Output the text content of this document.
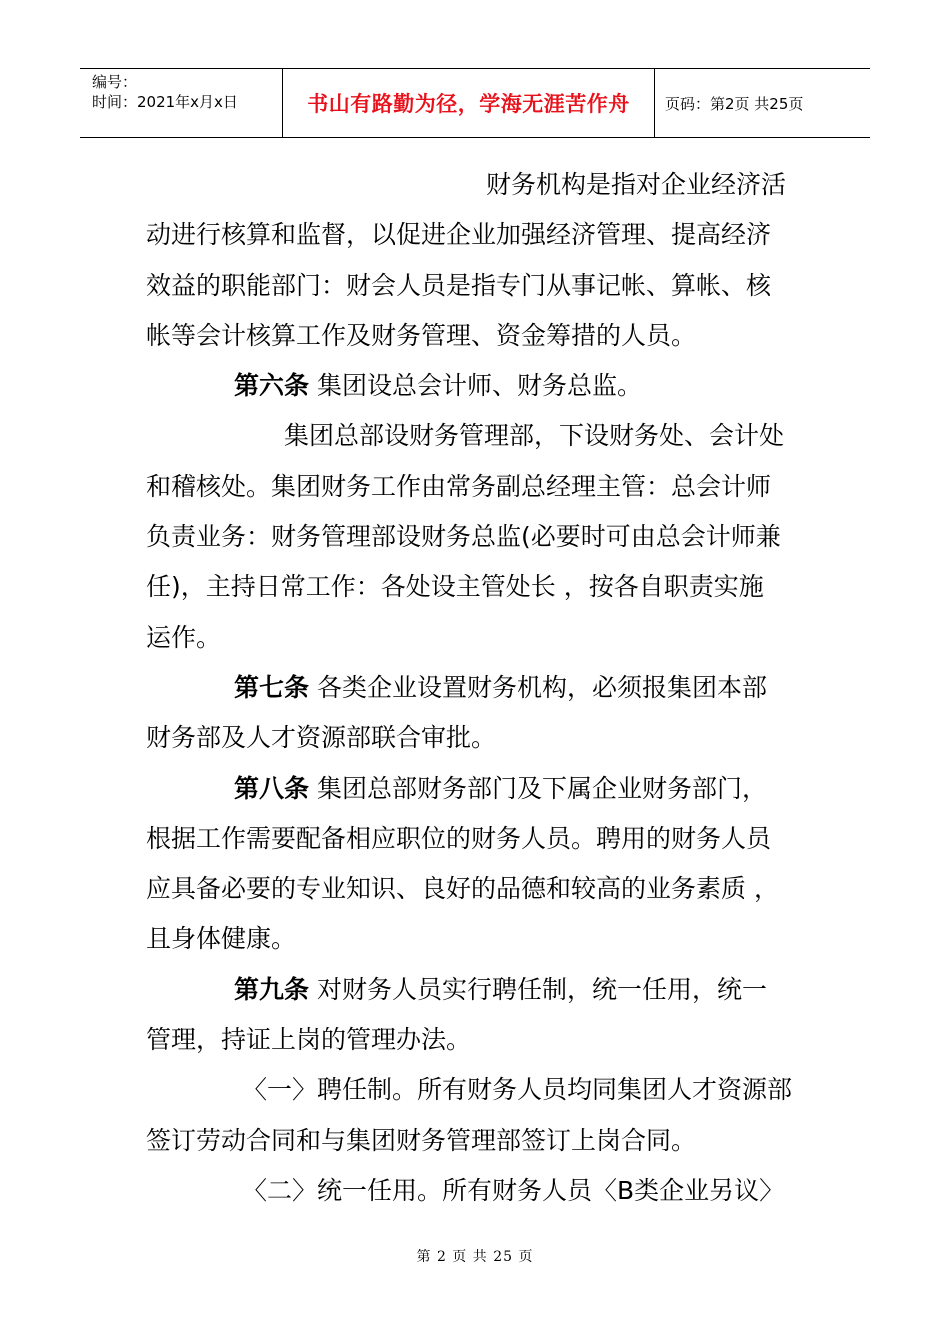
编号：
时间：2021年x月x日	书山有路勤为径，学海无涯苦作舟 页码：第2页 共25页

财务机构是指对企业经济活

动进行核算和监督，以促进企业加强经济管理、提高经济

效益的职能部门：财会人员是指专门从事记帐、算帐、核

帐等会计核算工作及财务管理、资金筹措的人员。

第六条 集团设总会计师、财务总监。

集团总部设财务管理部，下设财务处、会计处

和稽核处。集团财务工作由常务副总经理主管：总会计师

负责业务：财务管理部设财务总监(必要时可由总会计师兼

任)，主持日常工作：各处设主管处长 ，按各自职责实施

运作。

第七条 各类企业设置财务机构，必须报集团本部

财务部及人才资源部联合审批。

第八条 集团总部财务部门及下属企业财务部门，

根据工作需要配备相应职位的财务人员。聘用的财务人员

应具备必要的专业知识、良好的品德和较高的业务素质 ，

且身体健康。

第九条 对财务人员实行聘任制，统一任用，统一

管理，持证上岗的管理办法。

〈一〉聘任制。所有财务人员均同集团人才资源部

签订劳动合同和与集团财务管理部签订上岗合同。

〈二〉统一任用。所有财务人员〈B类企业另议〉

第 2 页 共 25 页
